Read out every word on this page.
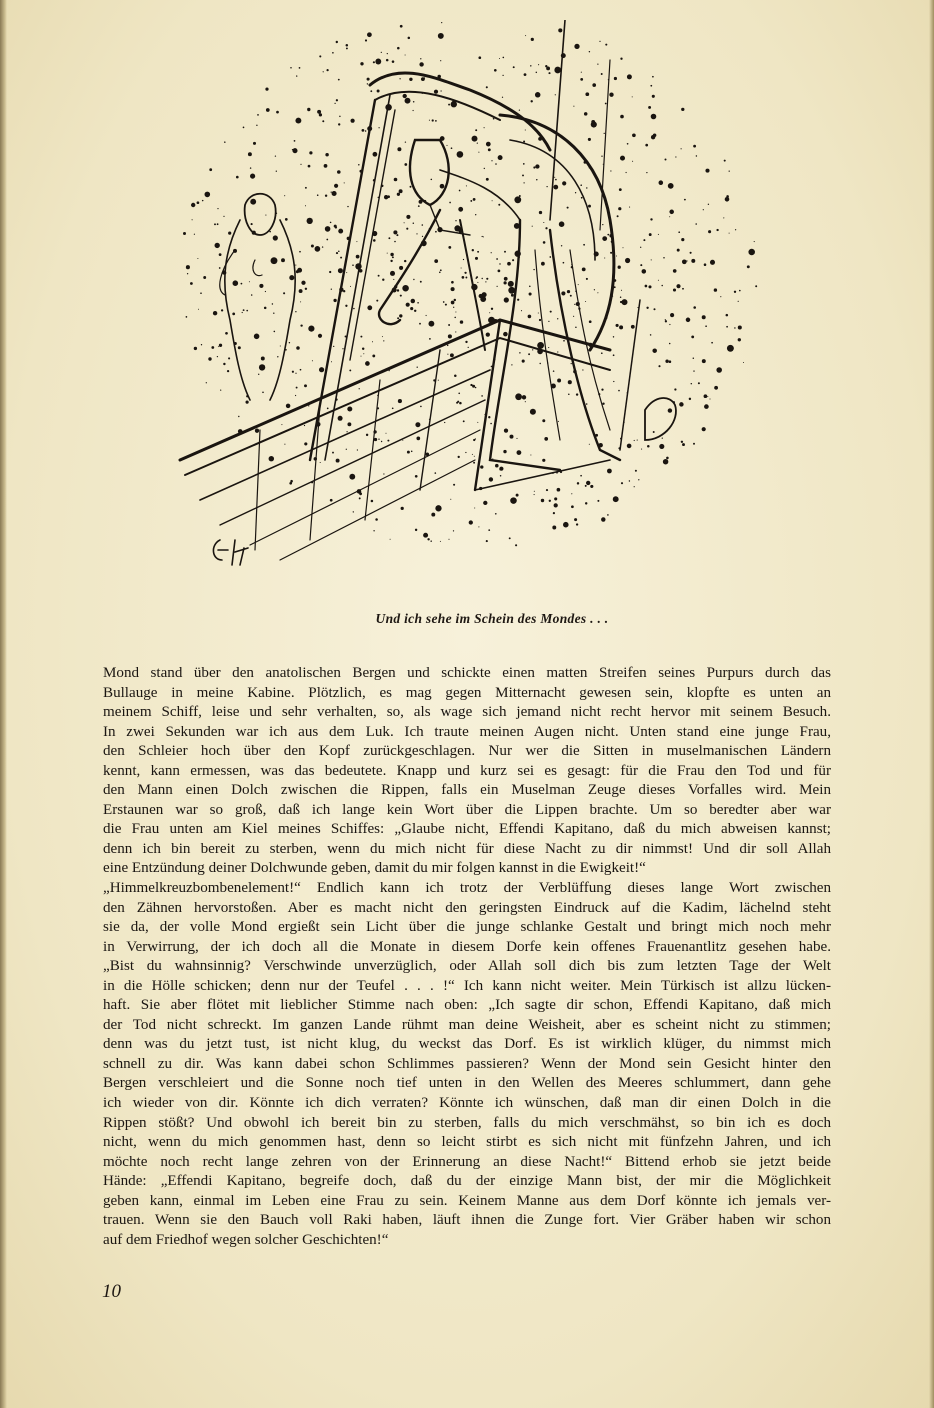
Und ich sehe im Schein des Mondes . . .
Mond stand über den anatolischen Bergen und schickte einen matten Streifen seines Purpurs durch das
Bullauge in meine Kabine. Plötzlich, es mag gegen Mitternacht gewesen sein, klopfte es unten an
meinem Schiff, leise und sehr verhalten, so, als wage sich jemand nicht recht hervor mit seinem Besuch.
In zwei Sekunden war ich aus dem Luk. Ich traute meinen Augen nicht. Unten stand eine junge Frau,
den Schleier hoch über den Kopf zurückgeschlagen. Nur wer die Sitten in muselmanischen Ländern
kennt, kann ermessen, was das bedeutete. Knapp und kurz sei es gesagt: für die Frau den Tod und für
den Mann einen Dolch zwischen die Rippen, falls ein Muselman Zeuge dieses Vorfalles wird. Mein
Erstaunen war so groß, daß ich lange kein Wort über die Lippen brachte. Um so beredter aber war
die Frau unten am Kiel meines Schiffes: „Glaube nicht, Effendi Kapitano, daß du mich abweisen kannst;
denn ich bin bereit zu sterben, wenn du mich nicht für diese Nacht zu dir nimmst! Und dir soll Allah
eine Entzündung deiner Dolchwunde geben, damit du mir folgen kannst in die Ewigkeit!“
„Himmelkreuzbombenelement!“ Endlich kann ich trotz der Verblüffung dieses lange Wort zwischen
den Zähnen hervorstoßen. Aber es macht nicht den geringsten Eindruck auf die Kadim, lächelnd steht
sie da, der volle Mond ergießt sein Licht über die junge schlanke Gestalt und bringt mich noch mehr
in Verwirrung, der ich doch all die Monate in diesem Dorfe kein offenes Frauenantlitz gesehen habe.
„Bist du wahnsinnig? Verschwinde unverzüglich, oder Allah soll dich bis zum letzten Tage der Welt
in die Hölle schicken; denn nur der Teufel . . . !“ Ich kann nicht weiter. Mein Türkisch ist allzu lücken-
haft. Sie aber flötet mit lieblicher Stimme nach oben: „Ich sagte dir schon, Effendi Kapitano, daß mich
der Tod nicht schreckt. Im ganzen Lande rühmt man deine Weisheit, aber es scheint nicht zu stimmen;
denn was du jetzt tust, ist nicht klug, du weckst das Dorf. Es ist wirklich klüger, du nimmst mich
schnell zu dir. Was kann dabei schon Schlimmes passieren? Wenn der Mond sein Gesicht hinter den
Bergen verschleiert und die Sonne noch tief unten in den Wellen des Meeres schlummert, dann gehe
ich wieder von dir. Könnte ich dich verraten? Könnte ich wünschen, daß man dir einen Dolch in die
Rippen stößt? Und obwohl ich bereit bin zu sterben, falls du mich verschmähst, so bin ich es doch
nicht, wenn du mich genommen hast, denn so leicht stirbt es sich nicht mit fünfzehn Jahren, und ich
möchte noch recht lange zehren von der Erinnerung an diese Nacht!“ Bittend erhob sie jetzt beide
Hände: „Effendi Kapitano, begreife doch, daß du der einzige Mann bist, der mir die Möglichkeit
geben kann, einmal im Leben eine Frau zu sein. Keinem Manne aus dem Dorf könnte ich jemals ver-
trauen. Wenn sie den Bauch voll Raki haben, läuft ihnen die Zunge fort. Vier Gräber haben wir schon
auf dem Friedhof wegen solcher Geschichten!“
10
